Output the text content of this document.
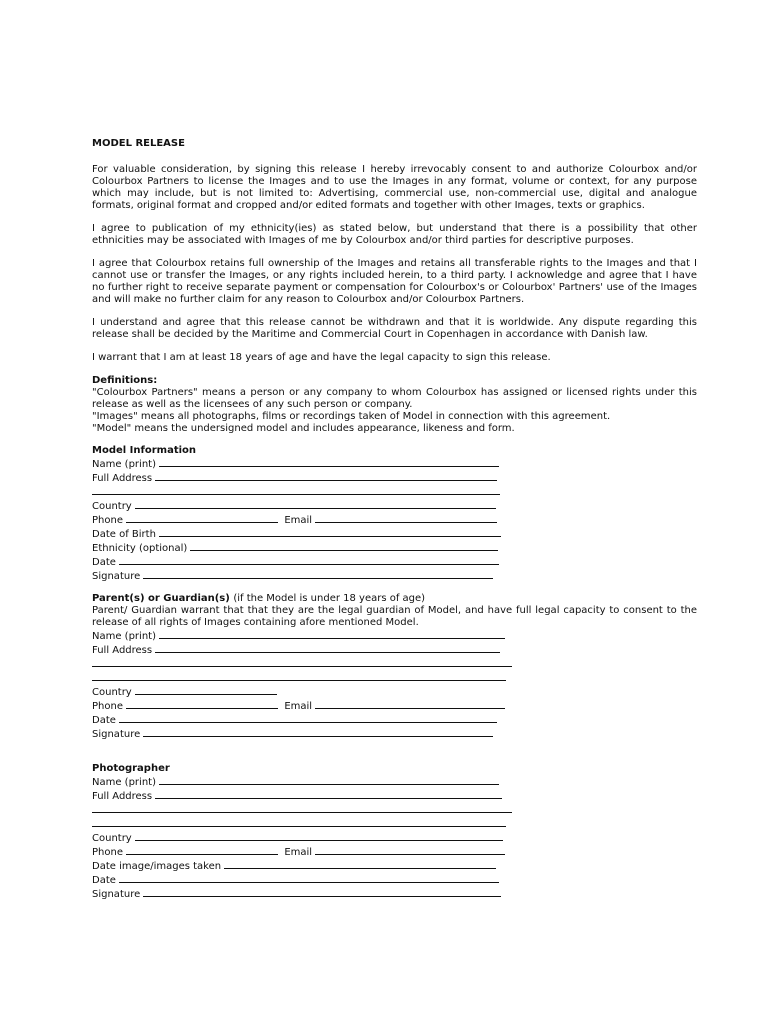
MODEL RELEASE

For valuable consideration, by signing this release I hereby irrevocably consent to and authorize Colourbox and/or Colourbox Partners to license the Images and to use the Images in any format, volume or context, for any purpose which may include, but is not limited to: Advertising, commercial use, non-commercial use, digital and analogue formats, original format and cropped and/or edited formats and together with other Images, texts or graphics.

I agree to publication of my ethnicity(ies) as stated below, but understand that there is a possibility that other ethnicities may be associated with Images of me by Colourbox and/or third parties for descriptive purposes.

I agree that Colourbox retains full ownership of the Images and retains all transferable rights to the Images and that I cannot use or transfer the Images, or any rights included herein, to a third party. I acknowledge and agree that I have no further right to receive separate payment or compensation for Colourbox's or Colourbox' Partners' use of the Images and will make no further claim for any reason to Colourbox and/or Colourbox Partners.

I understand and agree that this release cannot be withdrawn and that it is worldwide. Any dispute regarding this release shall be decided by the Maritime and Commercial Court in Copenhagen in accordance with Danish law.

I warrant that I am at least 18 years of age and have the legal capacity to sign this release.

Definitions:

"Colourbox Partners" means a person or any company to whom Colourbox has assigned or licensed rights under this release as well as the licensees of any such person or company.

"Images" means all photographs, films or recordings taken of Model in connection with this agreement.

"Model" means the undersigned model and includes appearance, likeness and form.

Model Information

Name (print)

Full Address

Country

Phone	Email

Date of Birth

Ethnicity (optional)

Date

Signature

Parent(s) or Guardian(s) (if the Model is under 18 years of age)

Parent/ Guardian warrant that that they are the legal guardian of Model, and have full legal capacity to consent to the release of all rights of Images containing afore mentioned Model.

Name (print)

Full Address

Country

Phone	Email

Date

Signature

Photographer

Name (print)

Full Address

Country

Phone	Email

Date image/images taken

Date

Signature
